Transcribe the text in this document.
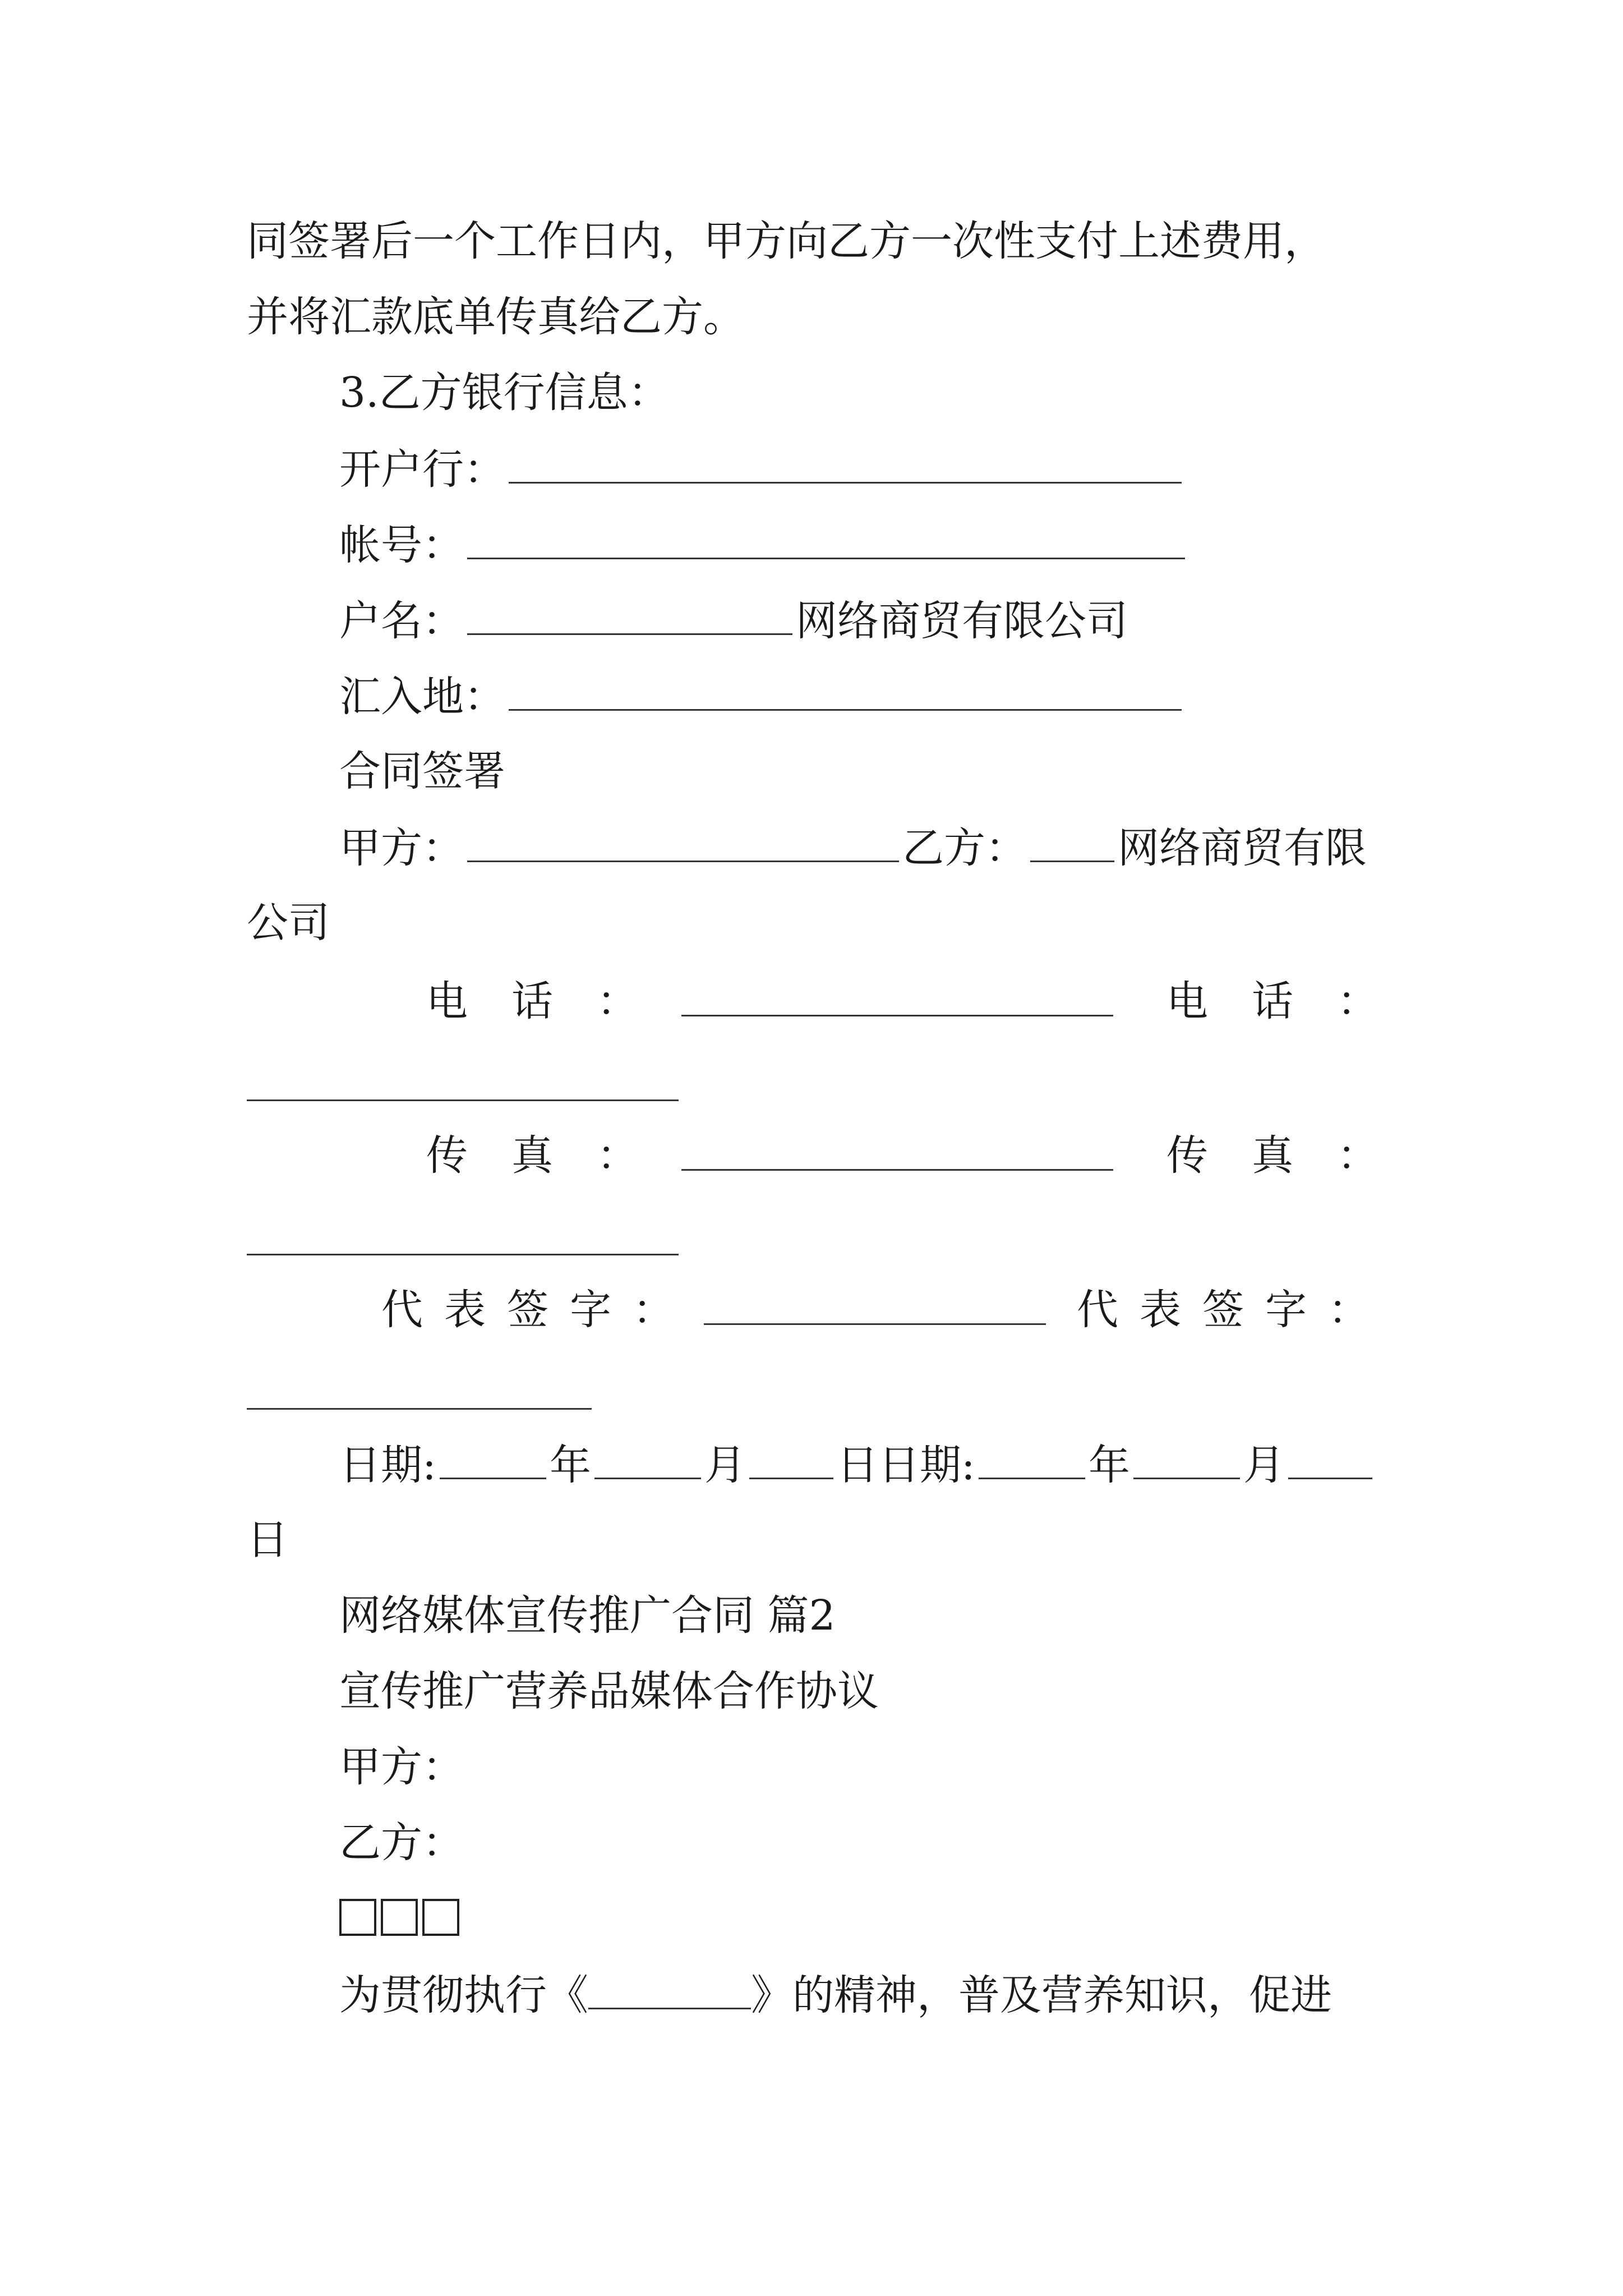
同签署后一个工作日内，甲方向乙方一次性支付上述费用，
并将汇款底单传真给乙方。
3.乙方银行信息：
开户行：
帐号：
户名：	网络商贸有限公司
汇入地：
合同签署
甲方：	乙方： 网络商贸有限
公司
电话：	电话：
传真：	传真：
代表签字：	代表签字：
日期:	年	月 日日期:	年	月
日
网络媒体宣传推广合同 篇2
宣传推广营养品媒体合作协议
甲方：
乙方：
为贯彻执行《	》的精神，普及营养知识，促进
